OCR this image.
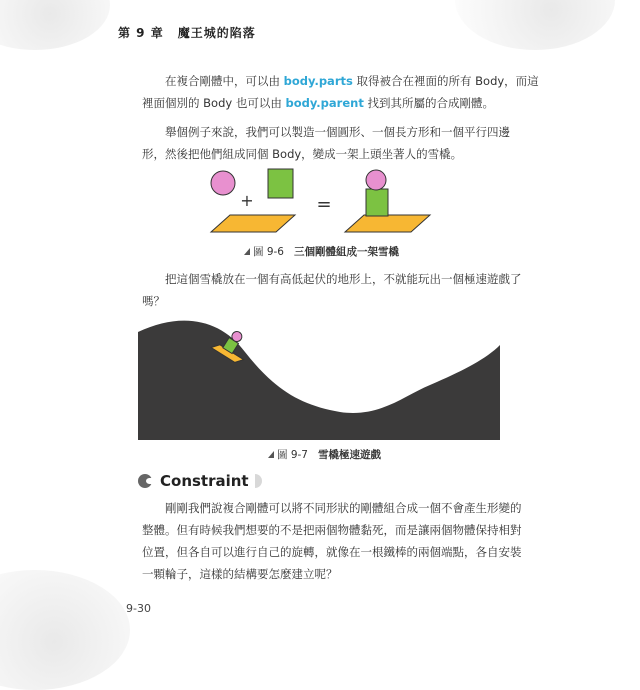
第 9 章 魔王城的陷落
在複合剛體中，可以由 body.parts 取得被合在裡面的所有 Body，而這
裡面個別的 Body 也可以由 body.parent 找到其所屬的合成剛體。
舉個例子來說，我們可以製造一個圓形、一個長方形和一個平行四邊
形，然後把他們組成同個 Body，變成一架上頭坐著人的雪橇。
+	=
圖 9-6 三個剛體組成一架雪橇
把這個雪橇放在一個有高低起伏的地形上，不就能玩出一個極速遊戲了
嗎？
圖 9-7 雪橇極速遊戲
Constraint
剛剛我們說複合剛體可以將不同形狀的剛體組合成一個不會產生形變的
整體。但有時候我們想要的不是把兩個物體黏死，而是讓兩個物體保持相對
位置，但各自可以進行自己的旋轉，就像在一根鐵棒的兩個端點，各自安裝
一顆輪子，這樣的結構要怎麼建立呢？
9-30
